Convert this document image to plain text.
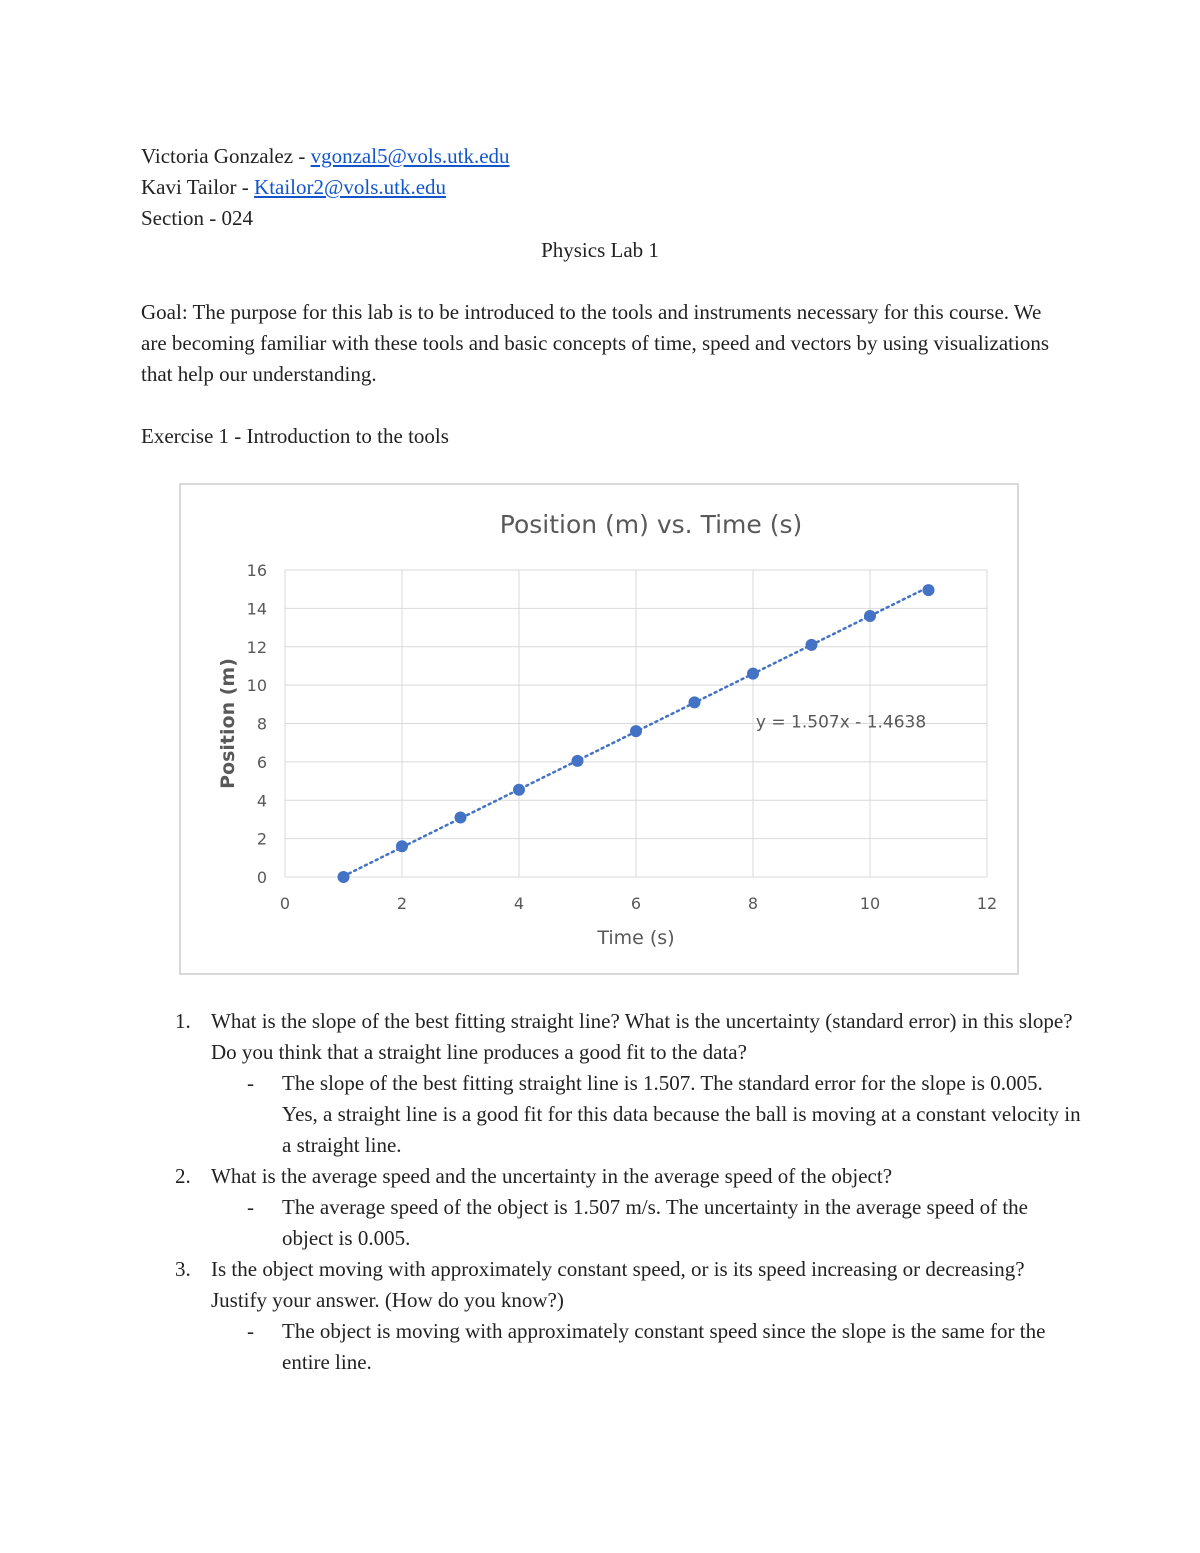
Victoria Gonzalez - vgonzal5@vols.utk.edu
Kavi Tailor - Ktailor2@vols.utk.edu
Section - 024
Physics Lab 1
Goal: The purpose for this lab is to be introduced to the tools and instruments necessary for this course. We are becoming familiar with these tools and basic concepts of time, speed and vectors by using visualizations that help our understanding.
Exercise 1 - Introduction to the tools
Position (m) vs. Time (s)
0	2	4	6	8	10	12
0
2
4
6
8
10
12
14
16
Time (s)
Position (m)	y = 1.507x - 1.4638
1. What is the slope of the best fitting straight line? What is the uncertainty (standard error) in this slope? Do you think that a straight line produces a good fit to the data?
- The slope of the best fitting straight line is 1.507. The standard error for the slope is 0.005. Yes, a straight line is a good fit for this data because the ball is moving at a constant velocity in a straight line.
2. What is the average speed and the uncertainty in the average speed of the object?
- The average speed of the object is 1.507 m/s. The uncertainty in the average speed of the object is 0.005.
3. Is the object moving with approximately constant speed, or is its speed increasing or decreasing? Justify your answer. (How do you know?)
- The object is moving with approximately constant speed since the slope is the same for the entire line.
